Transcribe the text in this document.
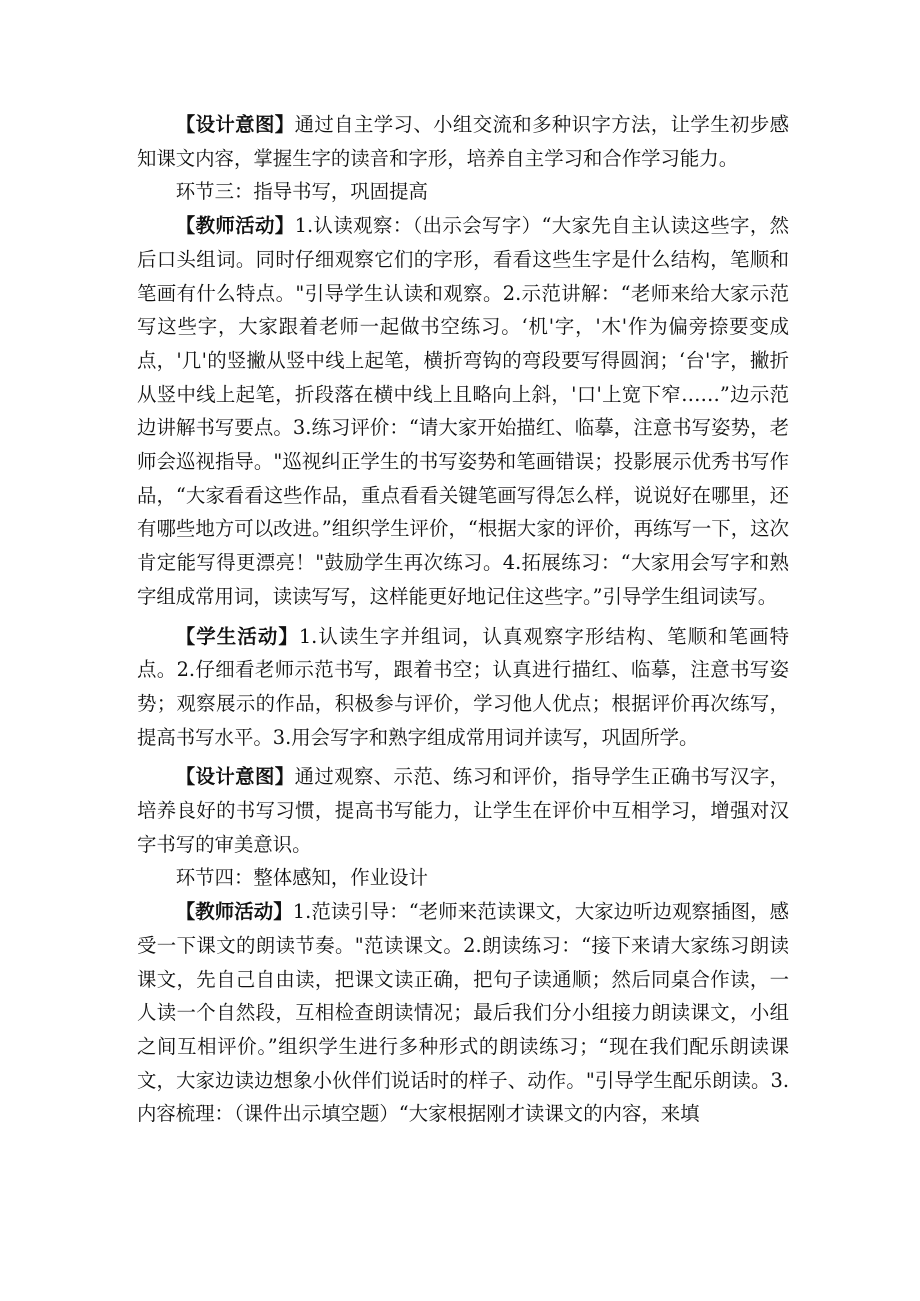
【设计意图】通过自主学习、小组交流和多种识字方法，让学生初步感知课文内容，掌握生字的读音和字形，培养自主学习和合作学习能力。

环节三：指导书写，巩固提高

【教师活动】1.认读观察：（出示会写字）“大家先自主认读这些字，然后口头组词。同时仔细观察它们的字形，看看这些生字是什么结构，笔顺和笔画有什么特点。"引导学生认读和观察。2.示范讲解：“老师来给大家示范写这些字，大家跟着老师一起做书空练习。‘机'字，'木'作为偏旁捺要变成点，'几'的竖撇从竖中线上起笔，横折弯钩的弯段要写得圆润；‘台'字，撇折从竖中线上起笔，折段落在横中线上且略向上斜，'口'上宽下窄……”边示范边讲解书写要点。3.练习评价：“请大家开始描红、临摹，注意书写姿势，老师会巡视指导。"巡视纠正学生的书写姿势和笔画错误；投影展示优秀书写作品，“大家看看这些作品，重点看看关键笔画写得怎么样，说说好在哪里，还有哪些地方可以改进。”组织学生评价，“根据大家的评价，再练写一下，这次肯定能写得更漂亮！"鼓励学生再次练习。4.拓展练习：“大家用会写字和熟字组成常用词，读读写写，这样能更好地记住这些字。”引导学生组词读写。

【学生活动】1.认读生字并组词，认真观察字形结构、笔顺和笔画特点。2.仔细看老师示范书写，跟着书空；认真进行描红、临摹，注意书写姿势；观察展示的作品，积极参与评价，学习他人优点；根据评价再次练写，提高书写水平。3.用会写字和熟字组成常用词并读写，巩固所学。

【设计意图】通过观察、示范、练习和评价，指导学生正确书写汉字，培养良好的书写习惯，提高书写能力，让学生在评价中互相学习，增强对汉字书写的审美意识。

环节四：整体感知，作业设计

【教师活动】1.范读引导：“老师来范读课文，大家边听边观察插图，感受一下课文的朗读节奏。"范读课文。2.朗读练习：“接下来请大家练习朗读课文，先自己自由读，把课文读正确，把句子读通顺；然后同桌合作读，一人读一个自然段，互相检查朗读情况；最后我们分小组接力朗读课文，小组之间互相评价。”组织学生进行多种形式的朗读练习；“现在我们配乐朗读课文，大家边读边想象小伙伴们说话时的样子、动作。"引导学生配乐朗读。3.内容梳理：（课件出示填空题）“大家根据刚才读课文的内容，来填
